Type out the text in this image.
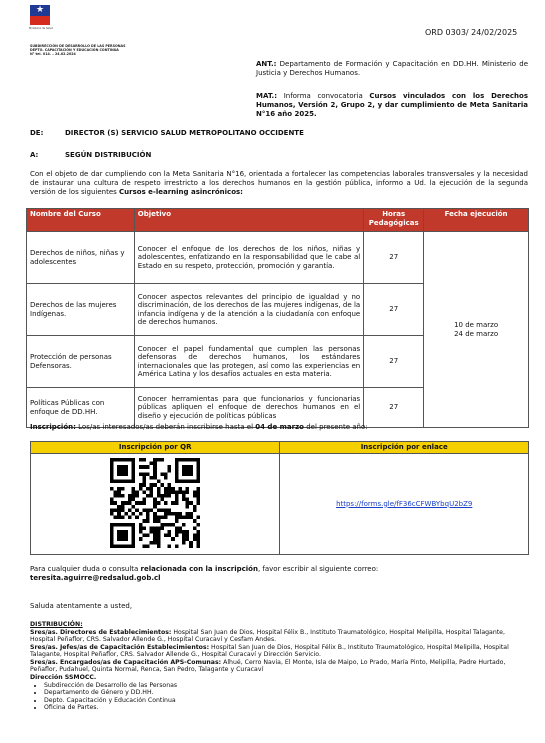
★
Ministerio de Salud
SUBDIRECCIÓN DE DESARROLLO DE LAS PERSONAS
DEPTO. CAPACITACIÓN Y EDUCACIÓN CONTINUA
N° tel. 014. – 24.02.2024
ORD 0303/ 24/02/2025
ANT.: Departamento de Formación y Capacitación en DD.HH. Ministerio de Justicia y Derechos Humanos.
MAT.: Informa convocatoria Cursos vinculados con los Derechos Humanos, Versión 2, Grupo 2, y dar cumplimiento de Meta Sanitaria N°16 año 2025.
DE:	DIRECTOR (S) SERVICIO SALUD METROPOLITANO OCCIDENTE
A:	SEGÚN DISTRIBUCIÓN
Con el objeto de dar cumpliendo con la Meta Sanitaria N°16, orientada a fortalecer las competencias laborales transversales y la necesidad de instaurar una cultura de respeto irrestricto a los derechos humanos en la gestión pública, informo a Ud. la ejecución de la segunda versión de los siguientes Cursos e-learning asincrónicos:
Nombre del Curso	Objetivo	Horas Pedagógicas	Fecha ejecución
Derechos de niños, niñas y adolescentes	Conocer el enfoque de los derechos de los niños, niñas y adolescentes, enfatizando en la responsabilidad que le cabe al Estado en su respeto, protección, promoción y garantía.	27	10 de marzo
24 de marzo

Derechos de las mujeres Indígenas.	Conocer aspectos relevantes del principio de igualdad y no discriminación, de los derechos de las mujeres indígenas, de la infancia indígena y de la atención a la ciudadanía con enfoque de derechos humanos.	27	
Protección de personas Defensoras.	Conocer el papel fundamental que cumplen las personas defensoras de derechos humanos, los estándares internacionales que las protegen, así como las experiencias en América Latina y los desafíos actuales en esta materia.	27	
Políticas Públicas con enfoque de DD.HH.	Conocer herramientas para que funcionarios y funcionarias públicas apliquen el enfoque de derechos humanos en el diseño y ejecución de políticas públicas	27	
Inscripción: Los/as interesados/as deberán inscribirse hasta el 04 de marzo del presente año:
Inscripción por QR	Inscripción por enlace
	https://forms.gle/fF36cCFWBYbqU2bZ9
Para cualquier duda o consulta relacionada con la inscripción, favor escribir al siguiente correo:
teresita.aguirre@redsalud.gob.cl
Saluda atentamente a usted,
DISTRIBUCIÓN:
Sres/as. Directores de Establecimientos: Hospital San Juan de Dios, Hospital Félix B., Instituto Traumatológico, Hospital Melipilla, Hospital Talagante, Hospital Peñaflor, CRS. Salvador Allende G., Hospital Curacaví y Cesfam Andes.
Sres/as. Jefes/as de Capacitación Establecimientos: Hospital San Juan de Dios, Hospital Félix B., Instituto Traumatológico, Hospital Melipilla, Hospital Talagante, Hospital Peñaflor, CRS. Salvador Allende G., Hospital Curacaví y Dirección Servicio.
Sres/as. Encargados/as de Capacitación APS-Comunas: Alhué, Cerro Navia, El Monte, Isla de Maipo, Lo Prado, María Pinto, Melipilla, Padre Hurtado, Peñaflor, Pudahuel, Quinta Normal, Renca, San Pedro, Talagante y Curacaví
Dirección SSMOCC.
• Subdirección de Desarrollo de las Personas
• Departamento de Género y DD.HH.
• Depto. Capacitación y Educación Continua
• Oficina de Partes.
